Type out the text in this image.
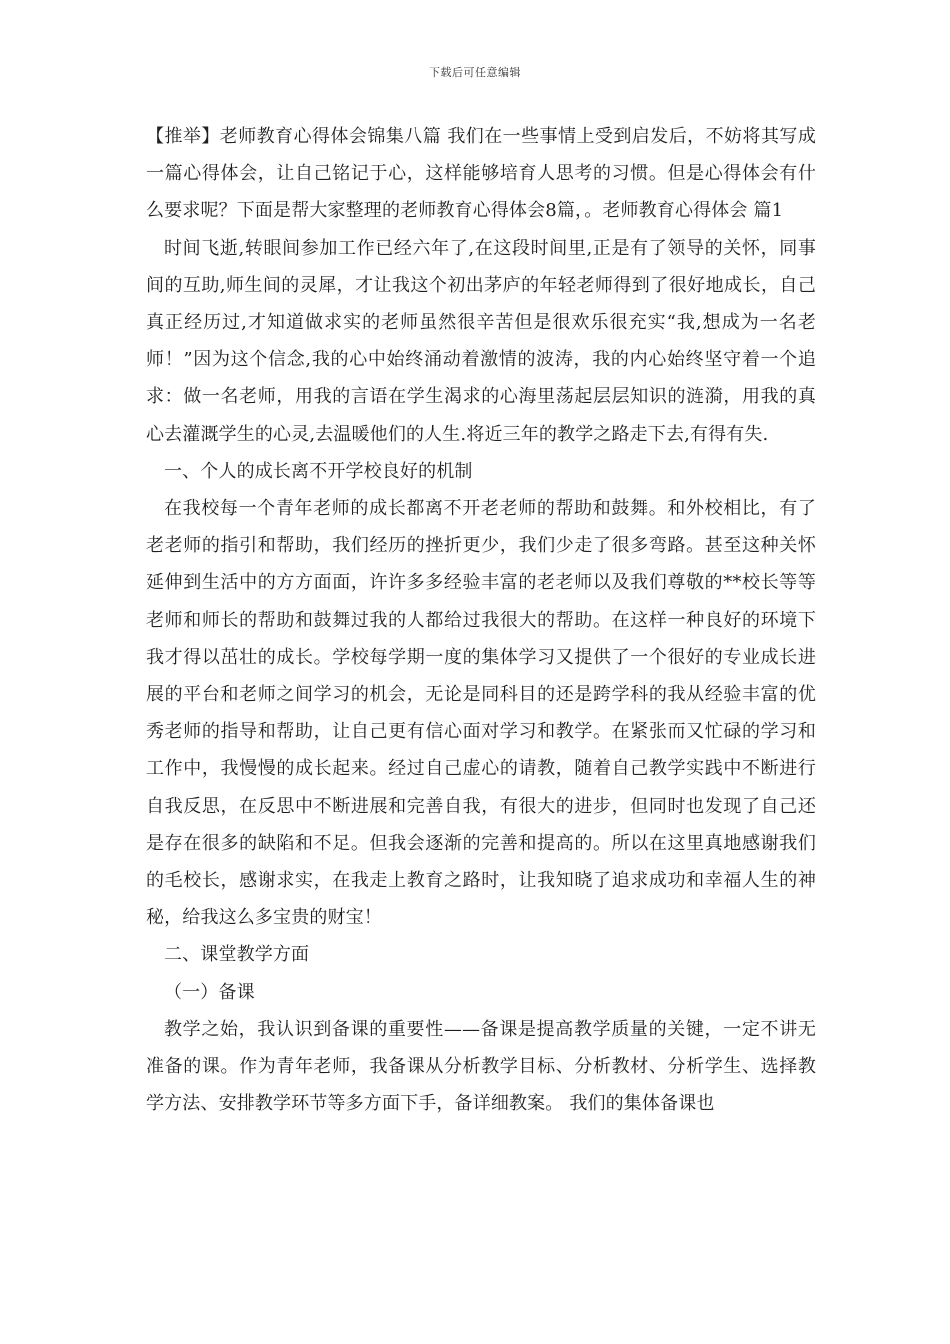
下载后可任意编辑

【推举】老师教育心得体会锦集八篇 我们在一些事情上受到启发后，不妨将其写成一篇心得体会，让自己铭记于心，这样能够培育人思考的习惯。但是心得体会有什么要求呢？下面是帮大家整理的老师教育心得体会8篇，。老师教育心得体会 篇1

时间飞逝,转眼间参加工作已经六年了,在这段时间里,正是有了领导的关怀，同事间的互助,师生间的灵犀，才让我这个初出茅庐的年轻老师得到了很好地成长，自己真正经历过,才知道做求实的老师虽然很辛苦但是很欢乐很充实“我,想成为一名老师！”因为这个信念,我的心中始终涌动着激情的波涛，我的内心始终坚守着一个追求：做一名老师，用我的言语在学生渴求的心海里荡起层层知识的涟漪，用我的真心去灌溉学生的心灵,去温暖他们的人生.将近三年的教学之路走下去,有得有失.

一、个人的成长离不开学校良好的机制

在我校每一个青年老师的成长都离不开老老师的帮助和鼓舞。和外校相比，有了老老师的指引和帮助，我们经历的挫折更少，我们少走了很多弯路。甚至这种关怀延伸到生活中的方方面面，许许多多经验丰富的老老师以及我们尊敬的**校长等等老师和师长的帮助和鼓舞过我的人都给过我很大的帮助。在这样一种良好的环境下我才得以茁壮的成长。学校每学期一度的集体学习又提供了一个很好的专业成长进展的平台和老师之间学习的机会，无论是同科目的还是跨学科的我从经验丰富的优秀老师的指导和帮助，让自己更有信心面对学习和教学。在紧张而又忙碌的学习和工作中，我慢慢的成长起来。经过自己虚心的请教，随着自己教学实践中不断进行自我反思，在反思中不断进展和完善自我，有很大的进步，但同时也发现了自己还是存在很多的缺陷和不足。但我会逐渐的完善和提高的。所以在这里真地感谢我们的毛校长，感谢求实，在我走上教育之路时，让我知晓了追求成功和幸福人生的神秘，给我这么多宝贵的财宝！

二、课堂教学方面

（一）备课

教学之始，我认识到备课的重要性——备课是提高教学质量的关键，一定不讲无准备的课。作为青年老师，我备课从分析教学目标、分析教材、分析学生、选择教学方法、安排教学环节等多方面下手，备详细教案。 我们的集体备课也
